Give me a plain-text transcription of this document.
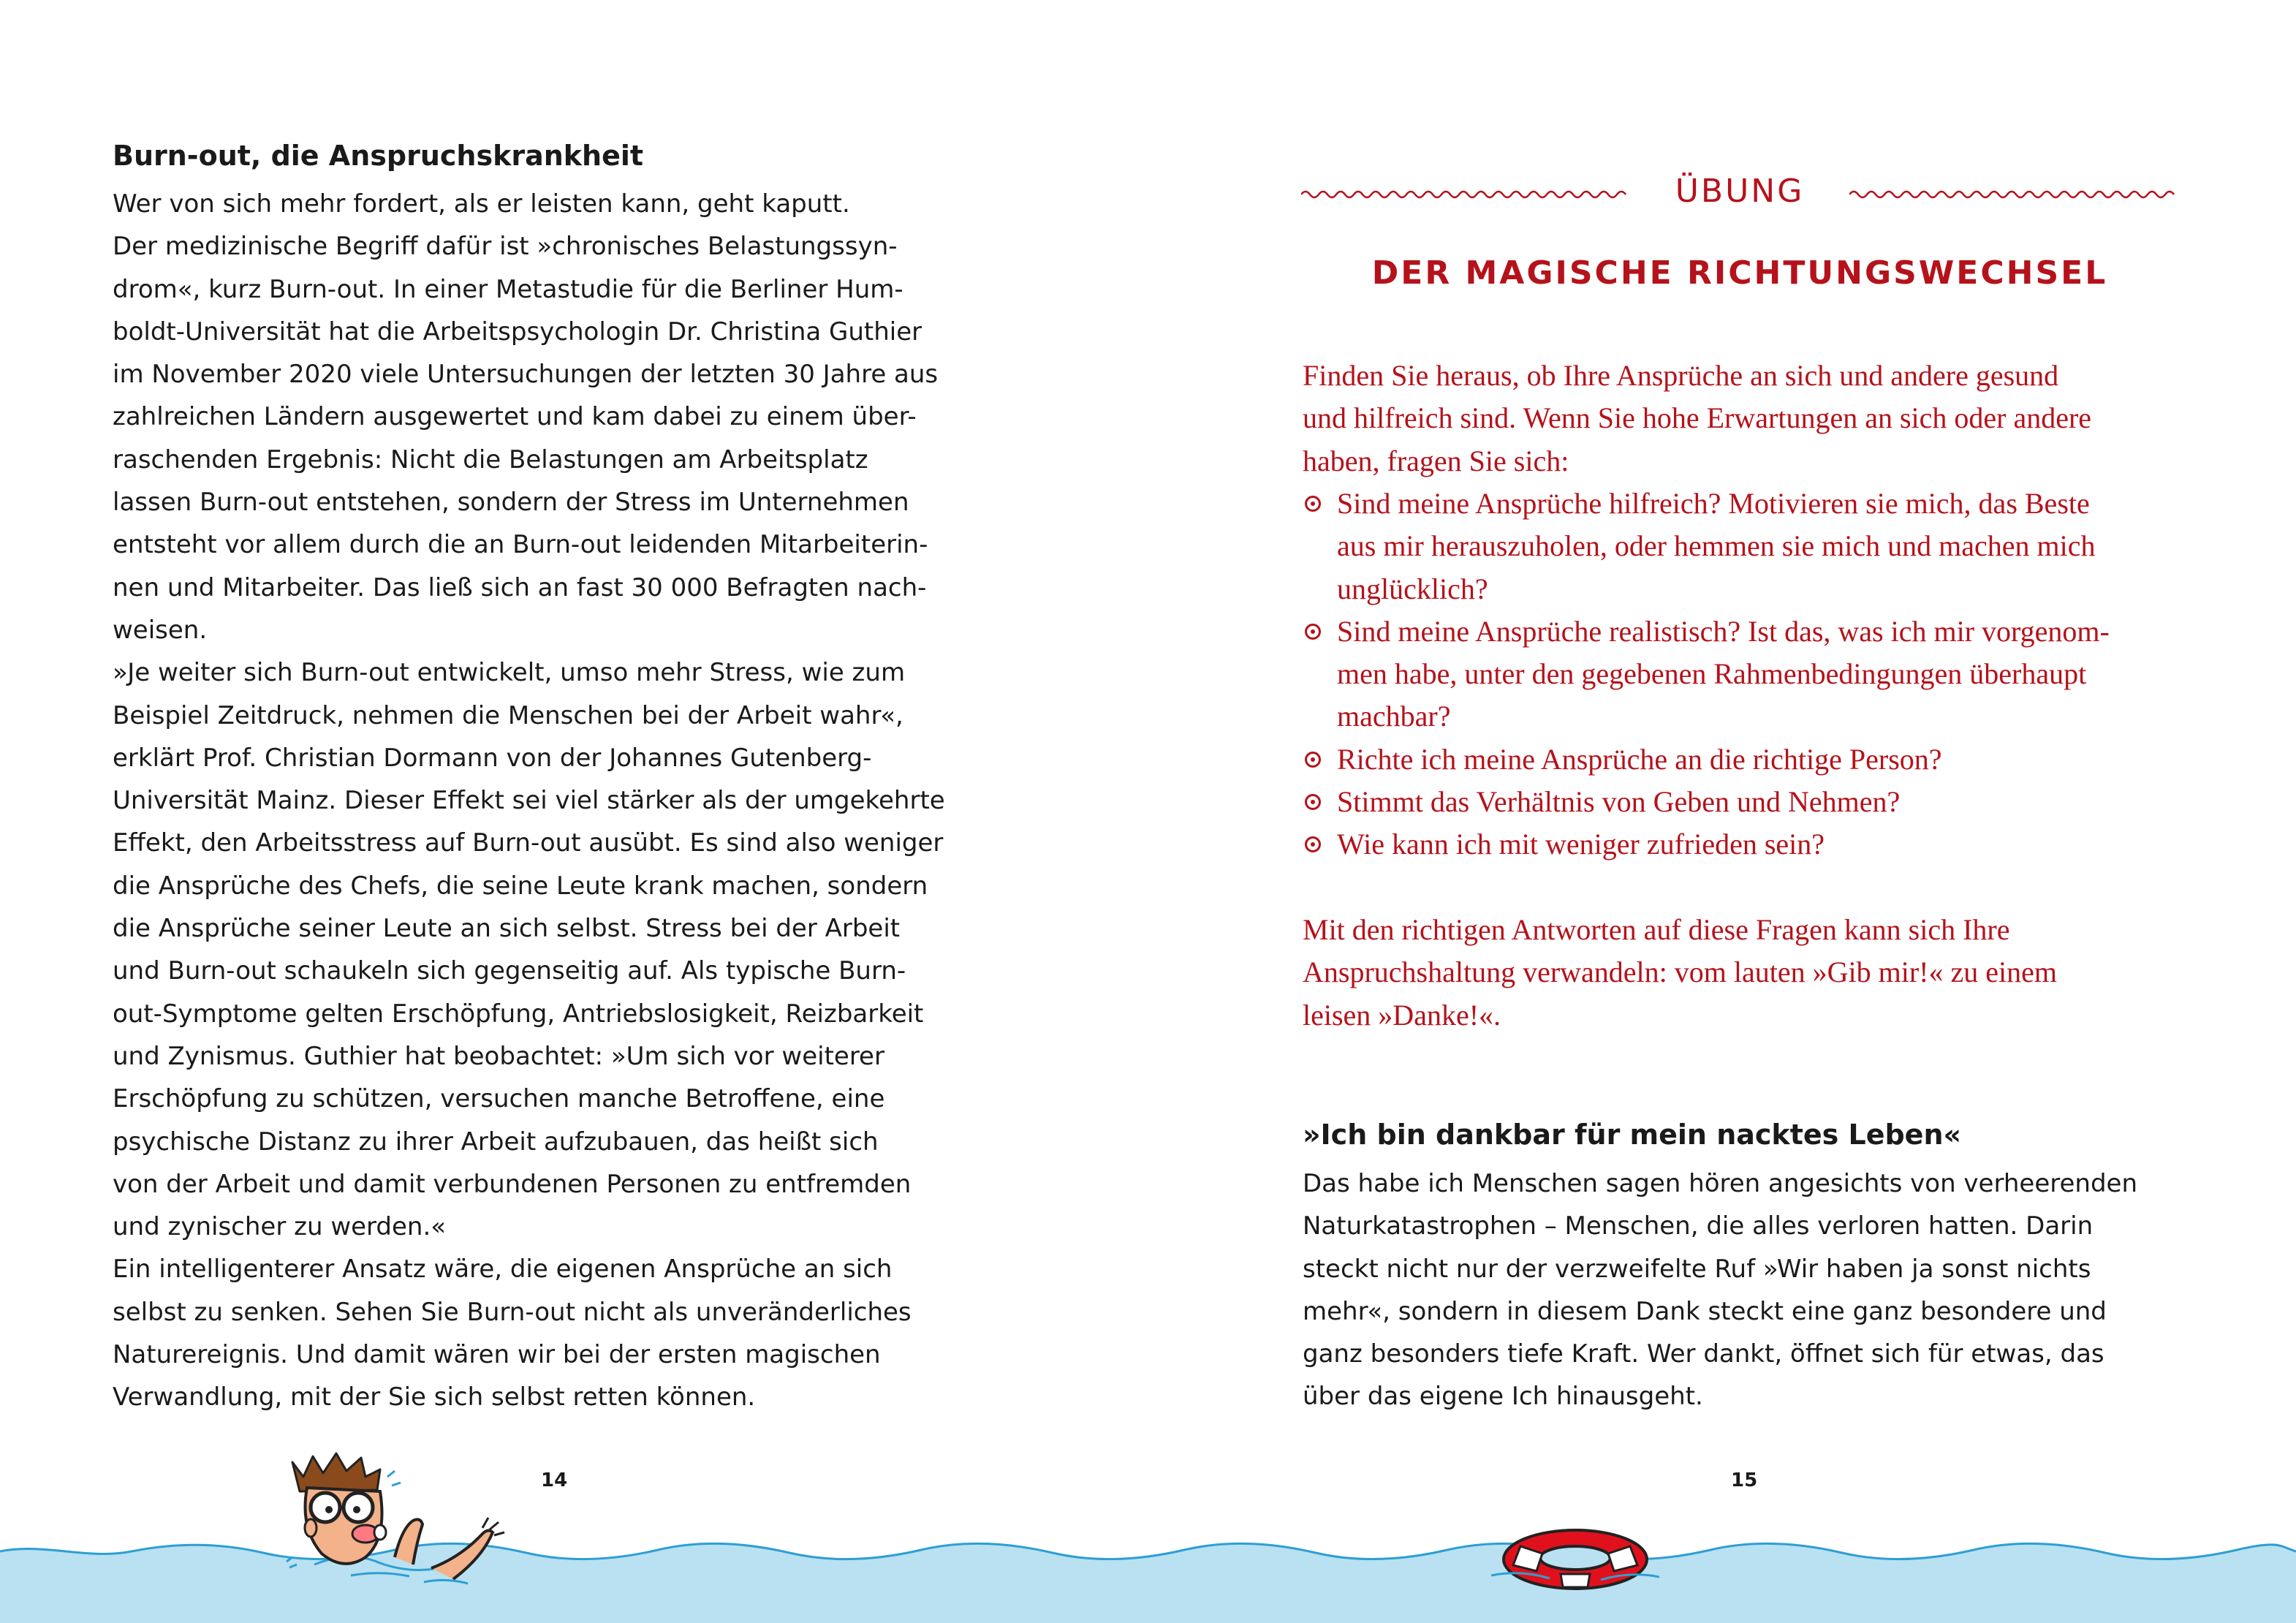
Burn-out, die Anspruchskrankheit

Wer von sich mehr fordert, als er leisten kann, geht kaputt.
Der medizinische Begriff dafür ist »chronisches Belastungssyn-
drom«, kurz Burn-out. In einer Metastudie für die Berliner Hum-
boldt-Universität hat die Arbeitspsychologin Dr. Christina Guthier
im November 2020 viele Untersuchungen der letzten 30 Jahre aus
zahlreichen Ländern ausgewertet und kam dabei zu einem über-
raschenden Ergebnis: Nicht die Belastungen am Arbeitsplatz
lassen Burn-out entstehen, sondern der Stress im Unternehmen
entsteht vor allem durch die an Burn-out leidenden Mitarbeiterin-
nen und Mitarbeiter. Das ließ sich an fast 30 000 Befragten nach-
weisen.
»Je weiter sich Burn-out entwickelt, umso mehr Stress, wie zum
Beispiel Zeitdruck, nehmen die Menschen bei der Arbeit wahr«,
erklärt Prof. Christian Dormann von der Johannes Gutenberg-
Universität Mainz. Dieser Effekt sei viel stärker als der umgekehrte
Effekt, den Arbeitsstress auf Burn-out ausübt. Es sind also weniger
die Ansprüche des Chefs, die seine Leute krank machen, sondern
die Ansprüche seiner Leute an sich selbst. Stress bei der Arbeit
und Burn-out schaukeln sich gegenseitig auf. Als typische Burn-
out-Symptome gelten Erschöpfung, Antriebslosigkeit, Reizbarkeit
und Zynismus. Guthier hat beobachtet: »Um sich vor weiterer
Erschöpfung zu schützen, versuchen manche Betroffene, eine
psychische Distanz zu ihrer Arbeit aufzubauen, das heißt sich
von der Arbeit und damit verbundenen Personen zu entfremden
und zynischer zu werden.«
Ein intelligenterer Ansatz wäre, die eigenen Ansprüche an sich
selbst zu senken. Sehen Sie Burn-out nicht als unveränderliches
Naturereignis. Und damit wären wir bei der ersten magischen
Verwandlung, mit der Sie sich selbst retten können.

14
ÜBUNG
DER MAGISCHE RICHTUNGSWECHSEL

Finden Sie heraus, ob Ihre Ansprüche an sich und andere gesund
und hilfreich sind. Wenn Sie hohe Erwartungen an sich oder andere
haben, fragen Sie sich:

Sind meine Ansprüche hilfreich? Motivieren sie mich, das Beste
aus mir herauszuholen, oder hemmen sie mich und machen mich
unglücklich?
Sind meine Ansprüche realistisch? Ist das, was ich mir vorgenom-
men habe, unter den gegebenen Rahmenbedingungen überhaupt
machbar?
Richte ich meine Ansprüche an die richtige Person?
Stimmt das Verhältnis von Geben und Nehmen?
Wie kann ich mit weniger zufrieden sein?

Mit den richtigen Antworten auf diese Fragen kann sich Ihre
Anspruchshaltung verwandeln: vom lauten »Gib mir!« zu einem
leisen »Danke!«.

»Ich bin dankbar für mein nacktes Leben«

Das habe ich Menschen sagen hören angesichts von verheerenden
Naturkatastrophen – Menschen, die alles verloren hatten. Darin
steckt nicht nur der verzweifelte Ruf »Wir haben ja sonst nichts
mehr«, sondern in diesem Dank steckt eine ganz besondere und
ganz besonders tiefe Kraft. Wer dankt, öffnet sich für etwas, das
über das eigene Ich hinausgeht.

15
